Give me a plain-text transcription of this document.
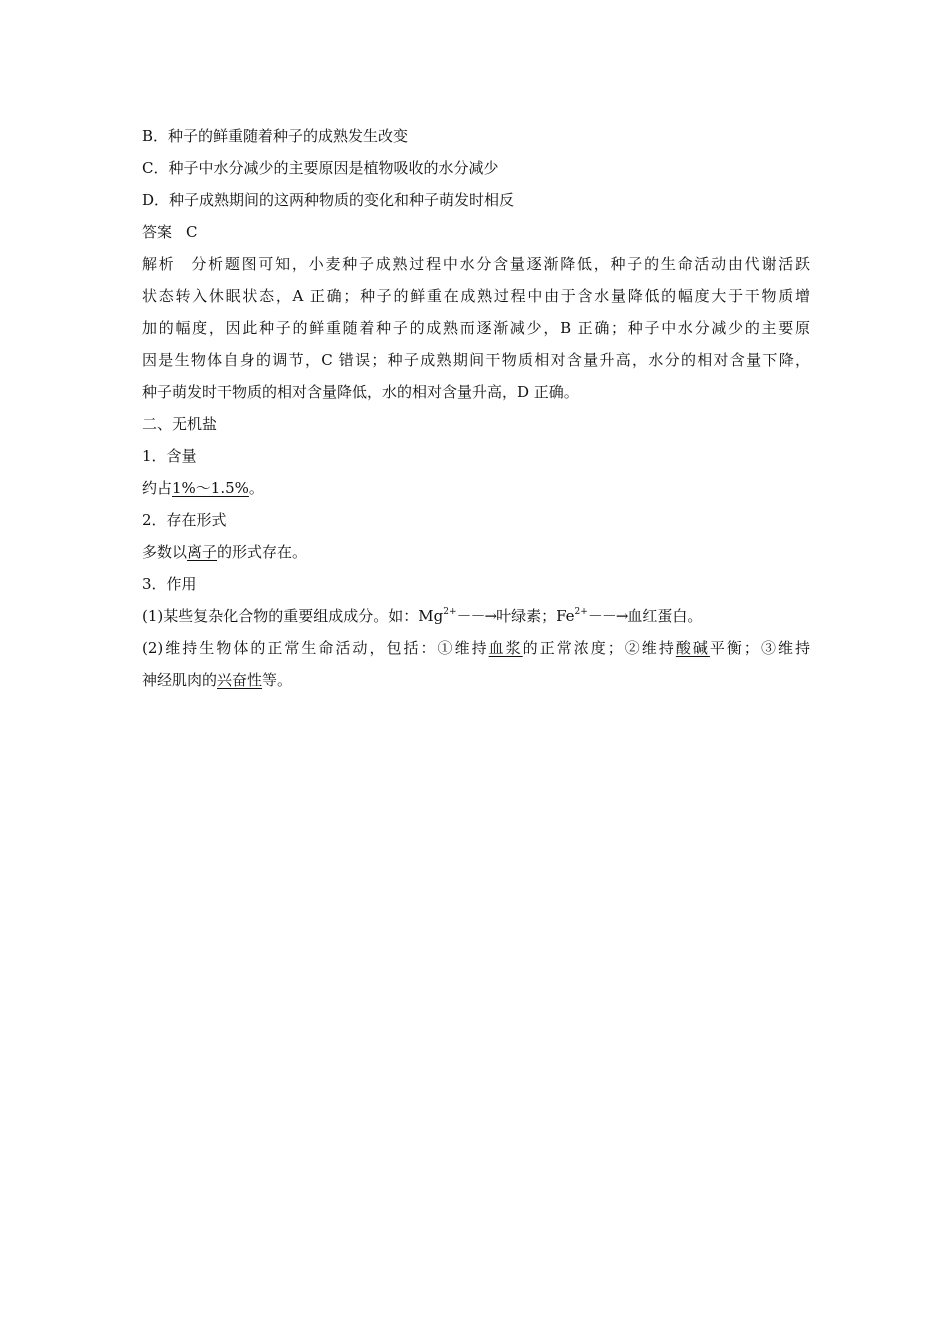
B．种子的鲜重随着种子的成熟发生改变
C．种子中水分减少的主要原因是植物吸收的水分减少
D．种子成熟期间的这两种物质的变化和种子萌发时相反
答案 C
解析 分析题图可知，小麦种子成熟过程中水分含量逐渐降低，种子的生命活动由代谢活跃
状态转入休眠状态，A 正确；种子的鲜重在成熟过程中由于含水量降低的幅度大于干物质增
加的幅度，因此种子的鲜重随着种子的成熟而逐渐减少，B 正确；种子中水分减少的主要原
因是生物体自身的调节，C 错误；种子成熟期间干物质相对含量升高，水分的相对含量下降，
种子萌发时干物质的相对含量降低，水的相对含量升高，D 正确。
二、无机盐
1．含量
约占1%～1.5%。
2．存在形式
多数以离子的形式存在。
3．作用
(1)某些复杂化合物的重要组成成分。如：$Mg^{2+}--\to$叶绿素；$Fe^{2+}--\to$血红蛋白。
(2)维持生物体的正常生命活动，包括：①维持血浆的正常浓度；②维持酸碱平衡；③维持
神经肌肉的兴奋性等。
